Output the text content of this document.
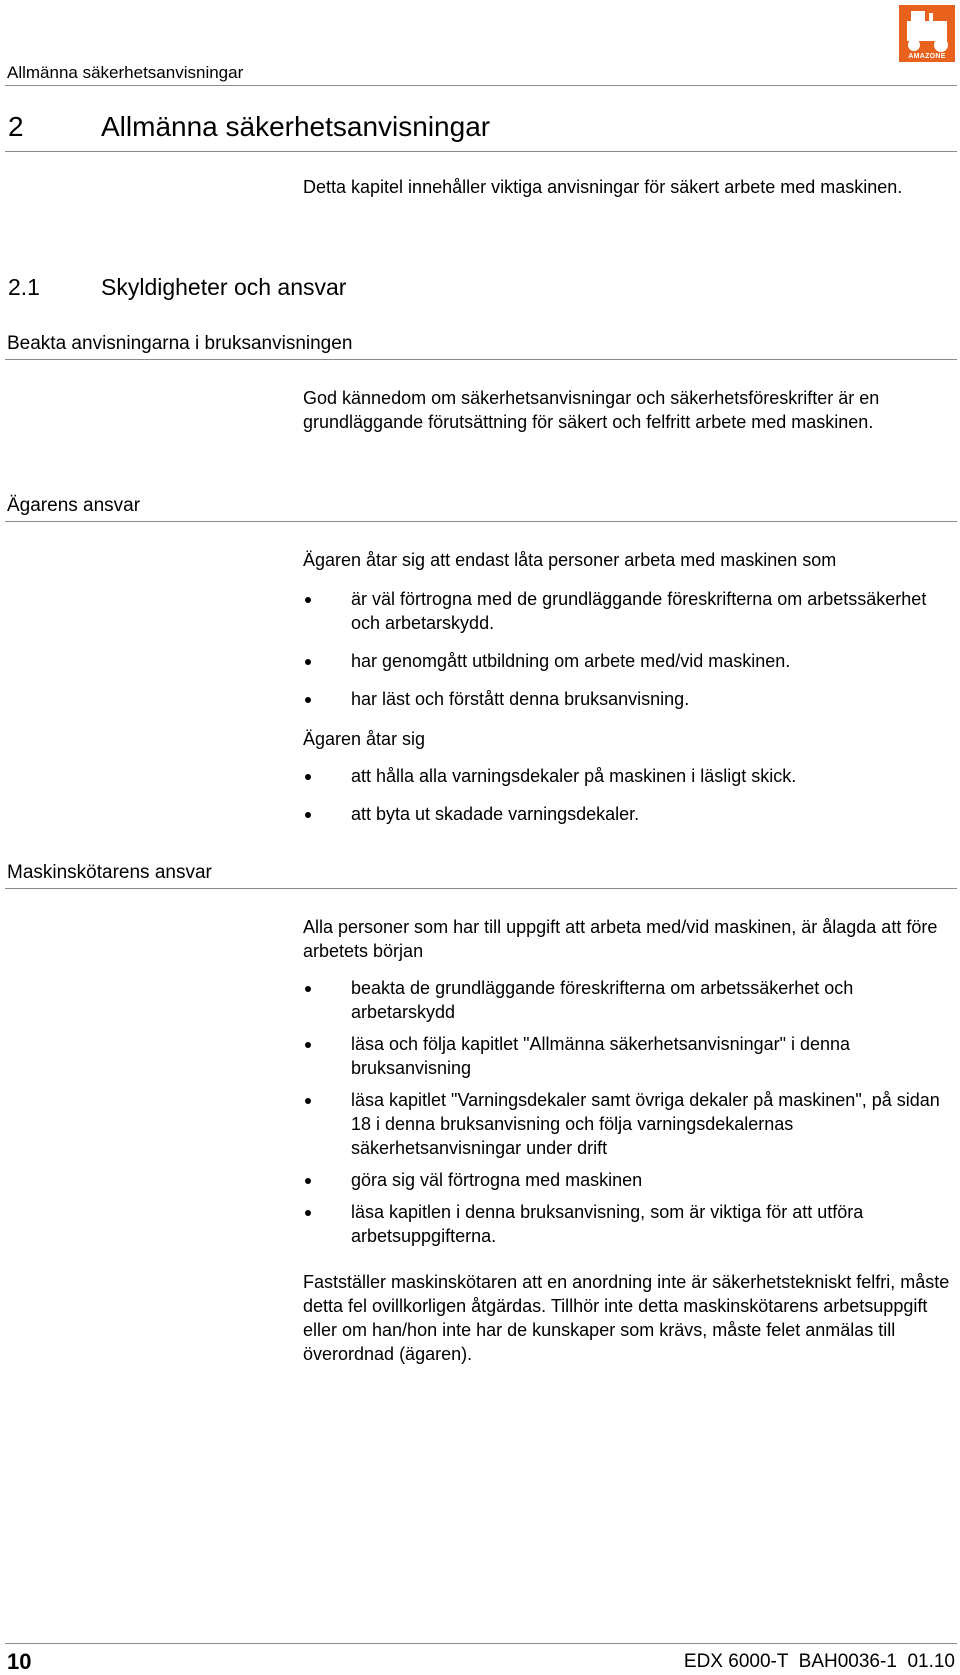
Allmänna säkerhetsanvisningar
AMAZONE
2	Allmänna säkerhetsanvisningar
Detta kapitel innehåller viktiga anvisningar för säkert arbete med maskinen.
2.1	Skyldigheter och ansvar
Beakta anvisningarna i bruksanvisningen
God kännedom om säkerhetsanvisningar och säkerhetsföreskrifter är en grundläggande förutsättning för säkert och felfritt arbete med maskinen.
Ägarens ansvar
Ägaren åtar sig att endast låta personer arbeta med maskinen som
är väl förtrogna med de grundläggande föreskrifterna om arbetssäkerhet och arbetarskydd.
har genomgått utbildning om arbete med/vid maskinen.
har läst och förstått denna bruksanvisning.
Ägaren åtar sig
att hålla alla varningsdekaler på maskinen i läsligt skick.
att byta ut skadade varningsdekaler.
Maskinskötarens ansvar
Alla personer som har till uppgift att arbeta med/vid maskinen, är ålagda att före arbetets början
beakta de grundläggande föreskrifterna om arbetssäkerhet och arbetarskydd
läsa och följa kapitlet "Allmänna säkerhetsanvisningar" i denna bruksanvisning
läsa kapitlet "Varningsdekaler samt övriga dekaler på maskinen", på sidan 18 i denna bruksanvisning och följa varningsdekalernas säkerhetsanvisningar under drift
göra sig väl förtrogna med maskinen
läsa kapitlen i denna bruksanvisning, som är viktiga för att utföra arbetsuppgifterna.
Fastställer maskinskötaren att en anordning inte är säkerhetstekniskt felfri, måste detta fel ovillkorligen åtgärdas. Tillhör inte detta maskinskötarens arbetsuppgift eller om han/hon inte har de kunskaper som krävs, måste felet anmälas till överordnad (ägaren).
10	EDX 6000-T  BAH0036-1  01.10
